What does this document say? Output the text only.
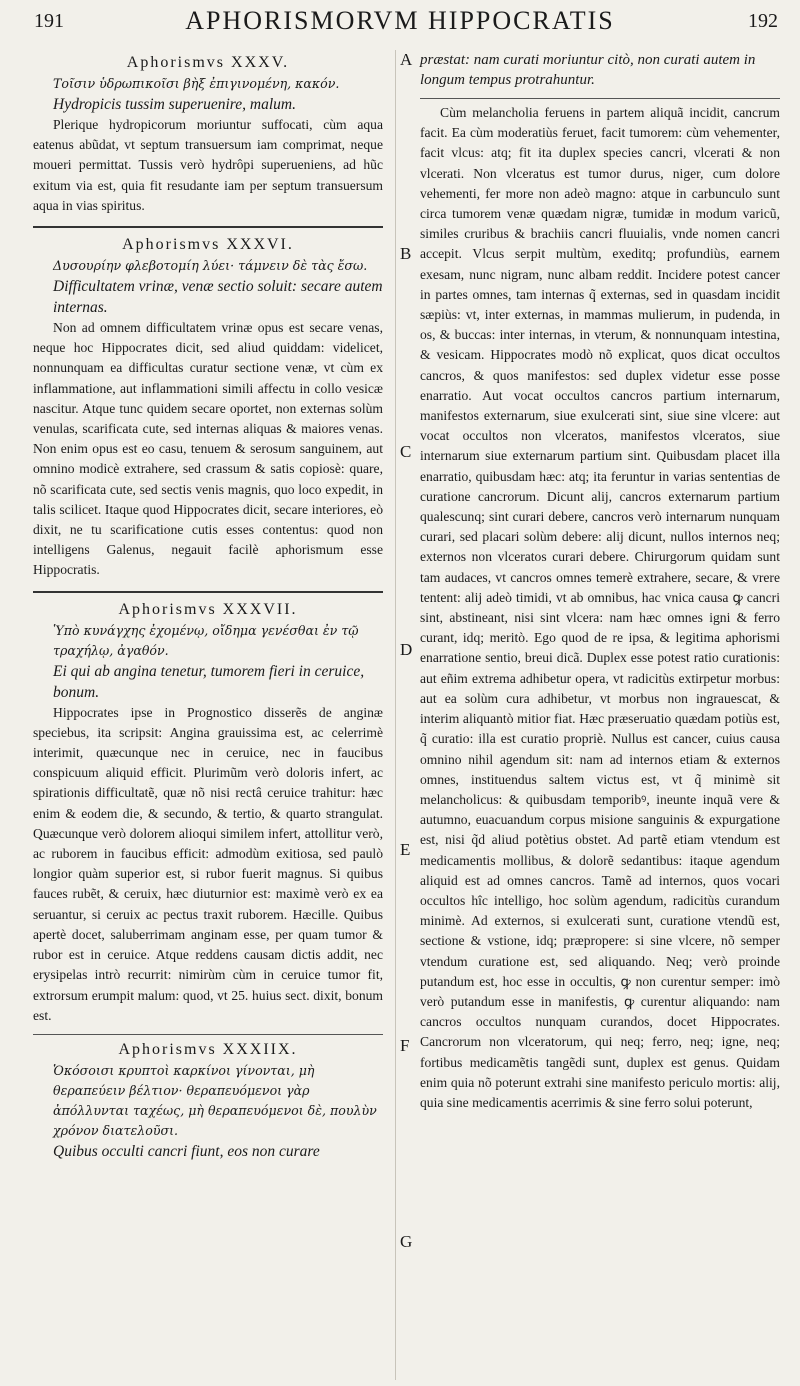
191	APHORISMORVM HIPPOCRATIS	192
A
B
C
D
E
F
G
Aphorismvs XXXV.
Τοῖσιν ὑδρωπικοῖσι βὴξ ἐπιγινομένη, κακόν.
Hydropicis tussim superuenire, malum.
Plerique hydropicorum moriuntur suffocati, cùm aqua eatenus abũdat, vt septum transuersum iam comprimat, neque moueri permittat. Tussis verò hydrôpi superueniens, ad hũc exitum via est, quia fit resudante iam per septum transuersum aqua in vias spiritus.
Aphorismvs XXXVI.
Δυσουρίην φλεβοτομίη λύει· τάμνειν δὲ τὰς ἔσω.
Difficultatem vrinæ, venæ sectio soluit: secare autem internas.
Non ad omnem difficultatem vrinæ opus est secare venas, neque hoc Hippocrates dicit, sed aliud quiddam: videlicet, nonnunquam ea difficultas curatur sectione venæ, vt cùm ex inflammatione, aut inflammationi simili affectu in collo vesicæ nascitur. Atque tunc quidem secare oportet, non externas solùm venulas, scarificata cute, sed internas aliquas & maiores venas. Non enim opus est eo casu, tenuem & serosum sanguinem, aut omnino modicè extrahere, sed crassum & satis copiosè: quare, nõ scarificata cute, sed sectis venis magnis, quo loco expedit, in talis scilicet. Itaque quod Hippocrates dicit, secare interiores, eò dixit, ne tu scarificatione cutis esses contentus: quod non intelligens Galenus, negauit facilè aphorismum esse Hippocratis.
Aphorismvs XXXVII.
Ὑπὸ κυνάγχης ἐχομένῳ, οἴδημα γενέσθαι ἐν τῷ τραχήλῳ, ἀγαθόν.
Ei qui ab angina tenetur, tumorem fieri in ceruice, bonum.
Hippocrates ipse in Prognostico disserẽs de anginæ speciebus, ita scripsit: Angina grauissima est, ac celerrimè interimit, quæcunque nec in ceruice, nec in faucibus conspicuum aliquid efficit. Plurimũm verò doloris infert, ac spirationis difficultatẽ, quæ nõ nisi rectâ ceruice trahitur: hæc enim & eodem die, & secundo, & tertio, & quarto strangulat. Quæcunque verò dolorem alioqui similem infert, attollitur verò, ac ruborem in faucibus efficit: admodùm exitiosa, sed paulò longior quàm superior est, si rubor fuerit magnus. Si quibus fauces rubẽt, & ceruix, hæc diuturnior est: maximè verò ex ea seruantur, si ceruix ac pectus traxit ruborem. Hæcille. Quibus apertè docet, saluberrimam anginam esse, per quam tumor & rubor est in ceruice. Atque reddens causam dictis addit, nec erysipelas intrò recurrit: nimirùm cùm in ceruice tumor fit, extrorsum erumpit malum: quod, vt 25. huius sect. dixit, bonum est.
Aphorismvs XXXIIX.
Ὁκόσοισι κρυπτοὶ καρκίνοι γίνονται, μὴ θεραπεύειν βέλτιον· θεραπευόμενοι γὰρ ἀπόλλυνται ταχέως, μὴ θεραπευόμενοι δὲ, πουλὺν χρόνον διατελοῦσι.
Quibus occulti cancri fiunt, eos non curare
præstat: nam curati moriuntur citò, non curati autem in longum tempus protrahuntur.
Cùm melancholia feruens in partem aliquã incidit, cancrum facit. Ea cùm moderatiùs feruet, facit tumorem: cùm vehementer, facit vlcus: atq; fit ita duplex species cancri, vlcerati & non vlcerati. Non vlceratus est tumor durus, niger, cum dolore vehementi, fer more non adeò magno: atque in carbunculo sunt circa tumorem venæ quædam nigræ, tumidæ in modum varicũ, similes cruribus & brachiis cancri fluuialis, vnde nomen cancri accepit. Vlcus serpit multùm, exeditq; profundiùs, earnem exesam, nunc nigram, nunc albam reddit. Incidere potest cancer in partes omnes, tam internas q̃ externas, sed in quasdam incidit sæpiùs: vt, inter externas, in mammas mulierum, in pudenda, in os, & buccas: inter internas, in vterum, & nonnunquam intestina, & vesicam. Hippocrates modò nõ explicat, quos dicat occultos cancros, & quos manifestos: sed duplex videtur esse posse enarratio. Aut vocat occultos cancros partium internarum, manifestos externarum, siue exulcerati sint, siue sine vlcere: aut vocat occultos non vlceratos, manifestos vlceratos, siue internarum siue externarum partium sint. Quibusdam placet illa enarratio, quibusdam hæc: atq; ita feruntur in varias sententias de curatione cancrorum. Dicunt alij, cancros externarum partium qualescunq; sint curari debere, cancros verò internarum nunquam curari, sed placari solùm debere: alij dicunt, nullos internos neq; externos non vlceratos curari debere. Chirurgorum quidam sunt tam audaces, vt cancros omnes temerè extrahere, secare, & vrere tentent: alij adeò timidi, vt ab omnibus, hac vnica causa ꝙ cancri sint, abstineant, nisi sint vlcera: nam hæc omnes igni & ferro curant, idq; meritò. Ego quod de re ipsa, & legitima aphorismi enarratione sentio, breui dicã. Duplex esse potest ratio curationis: aut eñim extrema adhibetur opera, vt radicitùs extirpetur morbus: aut ea solùm cura adhibetur, vt morbus non ingrauescat, & interim aliquantò mitior fiat. Hæc præseruatio quædam potiùs est, q̃ curatio: illa est curatio propriè. Nullus est cancer, cuius causa omnino nihil agendum sit: nam ad internos etiam & externos omnes, instituendus saltem victus est, vt q̃ minimè sit melancholicus: & quibusdam temporibꝰ, ineunte inquã vere & autumno, euacuandum corpus misione sanguinis & expurgatione est, nisi q̃d aliud potètius obstet. Ad partẽ etiam vtendum est medicamentis mollibus, & dolorẽ sedantibus: itaque agendum aliquid est ad omnes cancros. Tamẽ ad internos, quos vocari occultos hîc intelligo, hoc solùm agendum, radicitùs curandum minimè. Ad externos, si exulcerati sunt, curatione vtendũ est, sectione & vstione, idq; præpropere: si sine vlcere, nõ semper vtendum curatione est, sed aliquando. Neq; verò proinde putandum est, hoc esse in occultis, ꝙ non curentur semper: imò verò putandum esse in manifestis, ꝙ curentur aliquando: nam cancros occultos nunquam curandos, docet Hippocrates. Cancrorum non vlceratorum, qui neq; ferro, neq; igne, neq; fortibus medicamẽtis tangẽdi sunt, duplex est genus. Quidam enim quia nõ poterunt extrahi sine manifesto periculo mortis: alij, quia sine medicamentis acerrimis & sine ferro solui poterunt,
